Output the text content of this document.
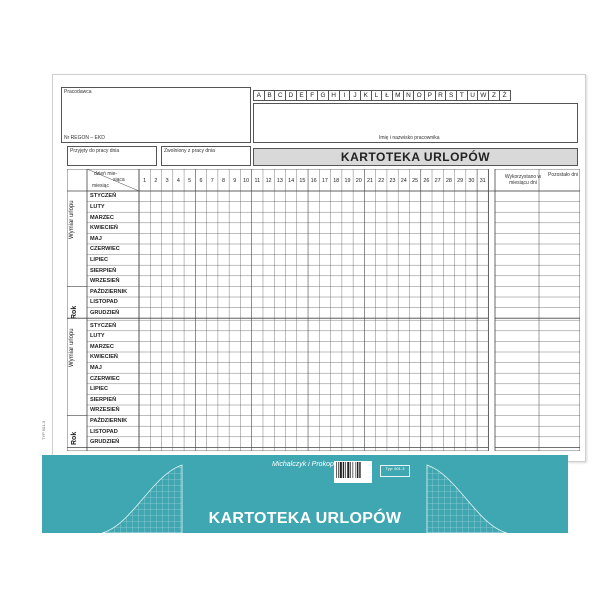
Pracodawca
Nr REGON – EKD
A B C D E	F G H	I	J	K	L	Ł M N O P R S	T U W Z	Ż
Imię i nazwisko pracownika
Przyjęty do pracy dnia	Zwolniony z pracy dnia	KARTOTEKA URLOPÓW
dzień mie-
siąca
miesiąc
Wykorzystano w miesiącu dni
Pozostało dni
Wymiar urlopu
Rok
Wymiar urlopu
Rok
1	2	3	4	5	6	7	8	9	10	11	12 13 14 15 16 17 18 19 20 21 22 23 24 25 26 27 28 29 30 31
STYCZEŃ
LUTY
MARZEC
KWIECIEŃ
MAJ
CZERWIEC
LIPIEC
SIERPIEŃ
WRZESIEŃ
PAŹDZIERNIK
LISTOPAD
GRUDZIEŃ
STYCZEŃ
LUTY
MARZEC
KWIECIEŃ
MAJ
CZERWIEC
LIPIEC
SIERPIEŃ
WRZESIEŃ
PAŹDZIERNIK
LISTOPAD
GRUDZIEŃ
TYP 501-3
Michalczyk i Prokop
Typ: 501-3
KARTOTEKA URLOPÓW
